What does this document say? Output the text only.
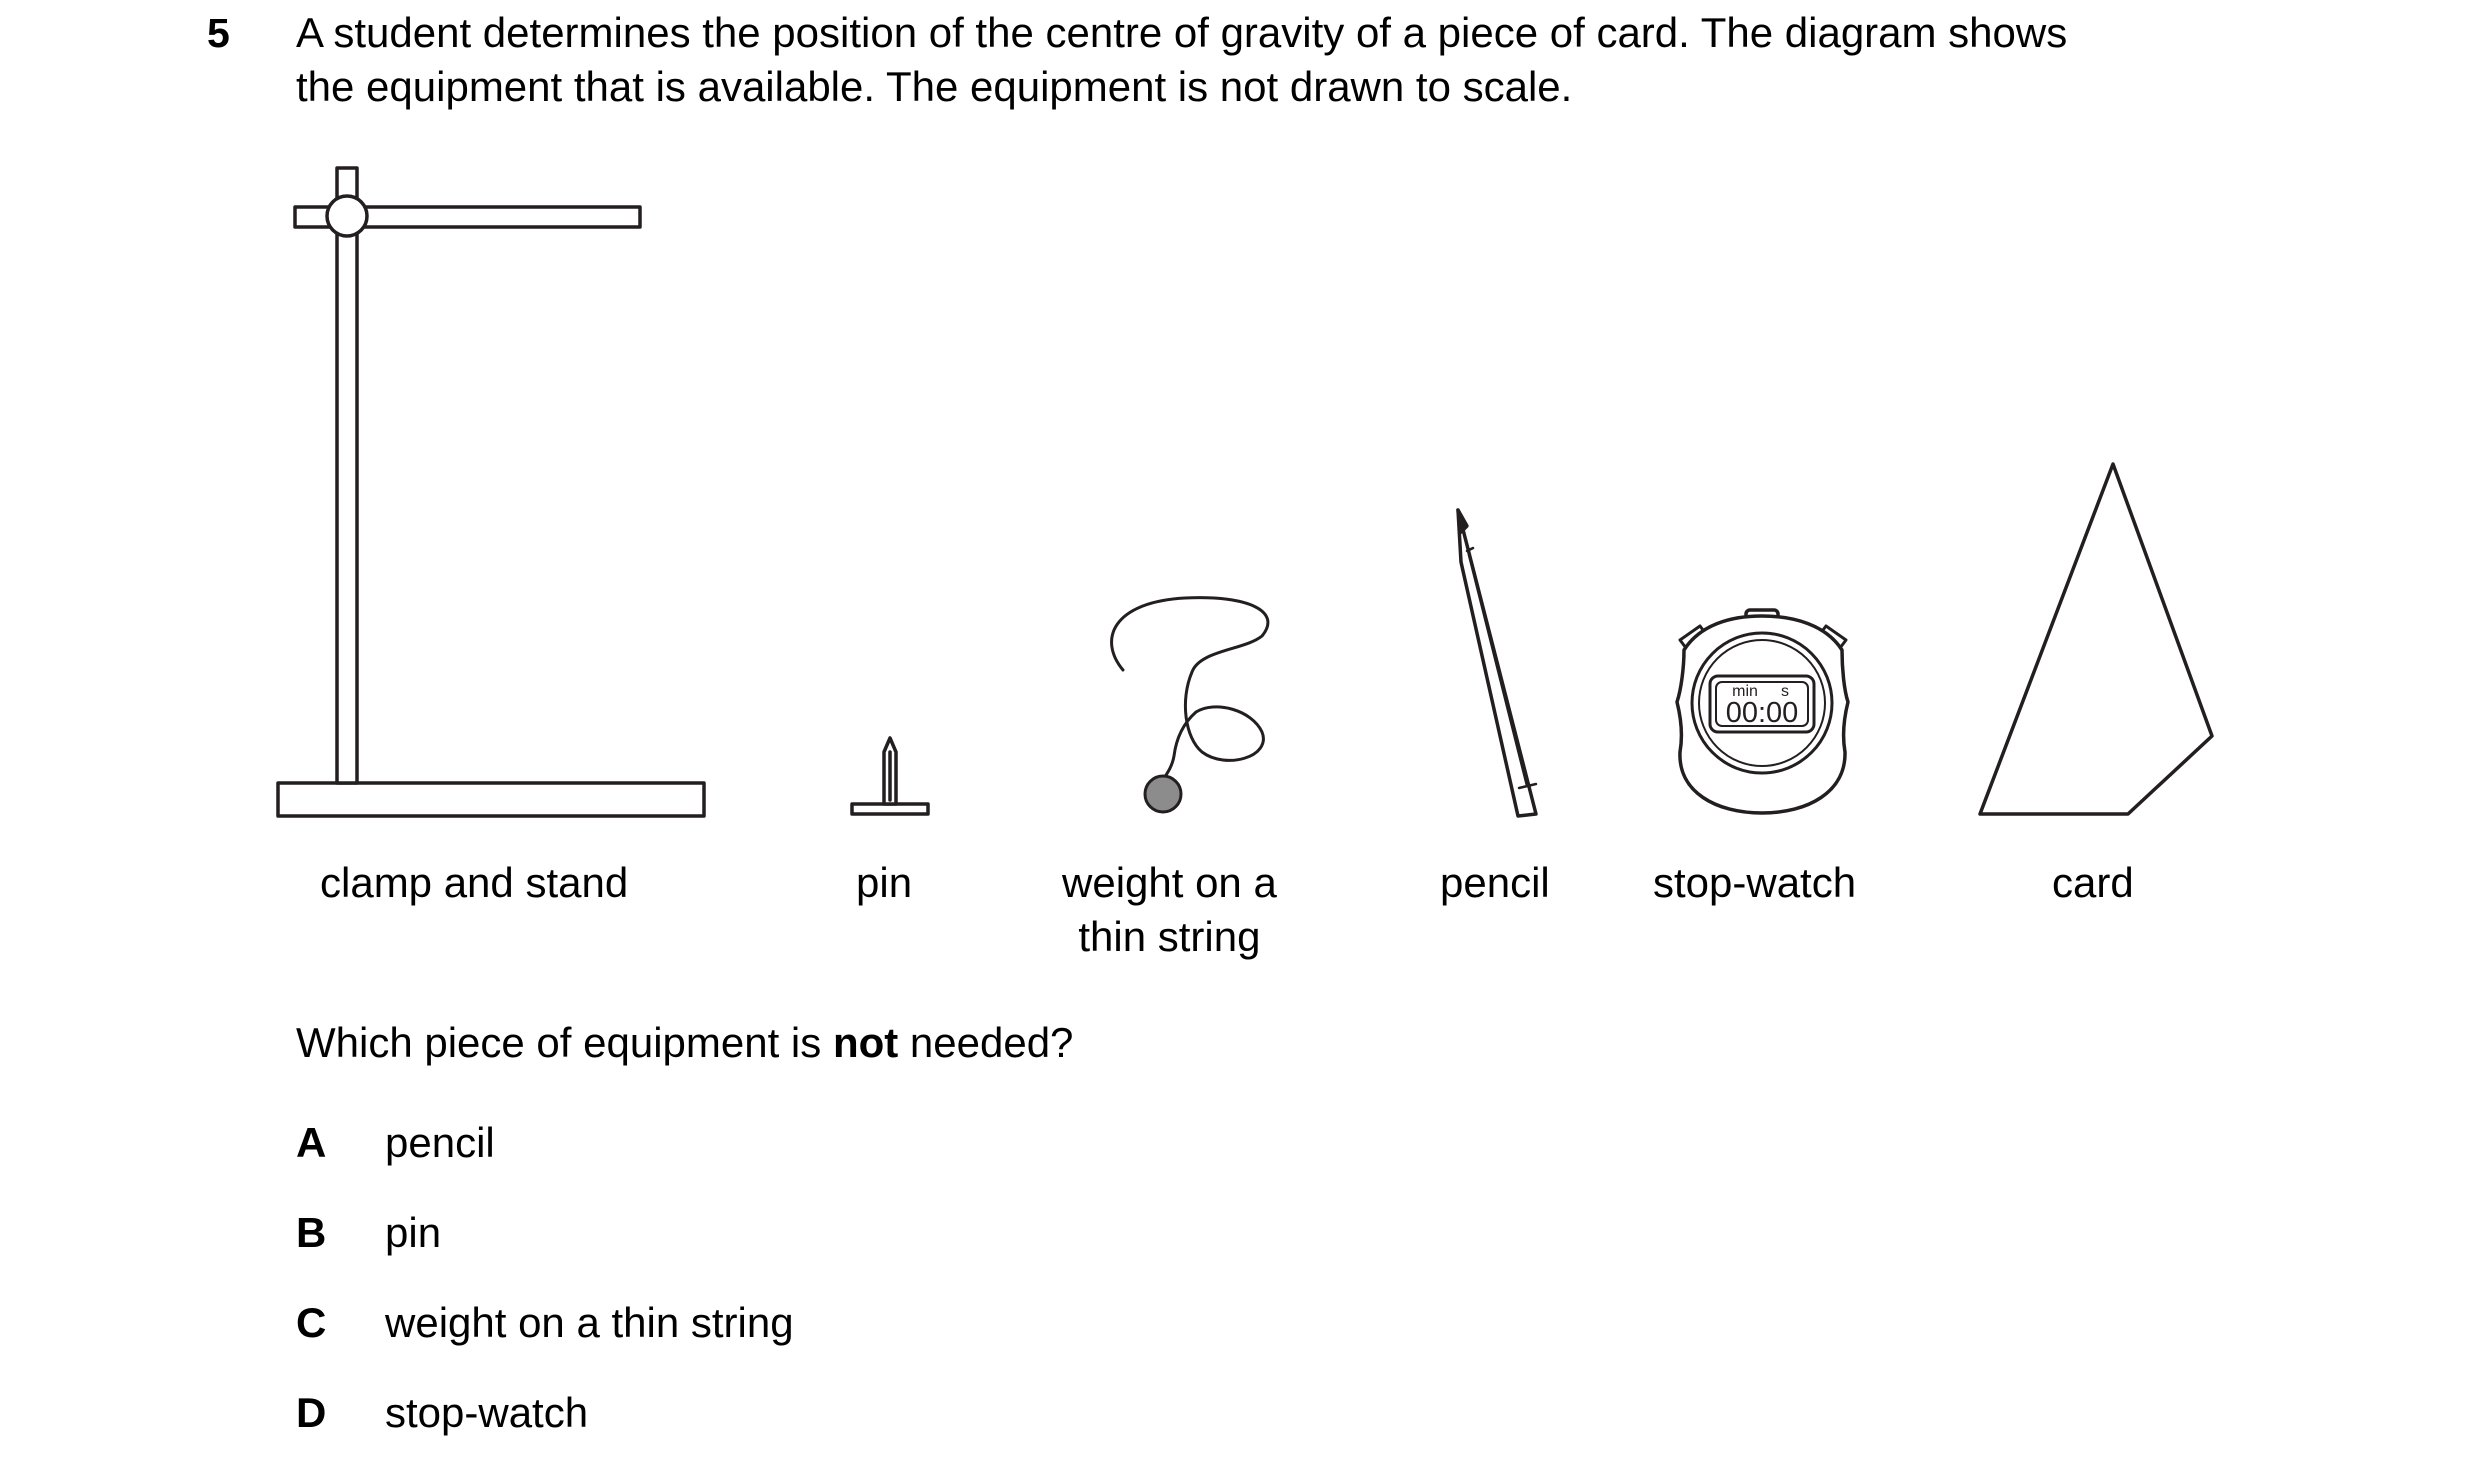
5 A student determines the position of the centre of gravity of a piece of card. The diagram shows
the equipment that is available. The equipment is not drawn to scale.
min s
00:00
clamp and stand	pin	weight on a
thin string
pencil stop-watch	card
Which piece of equipment is not needed?
A pencil
B pin
C weight on a thin string
D stop-watch
